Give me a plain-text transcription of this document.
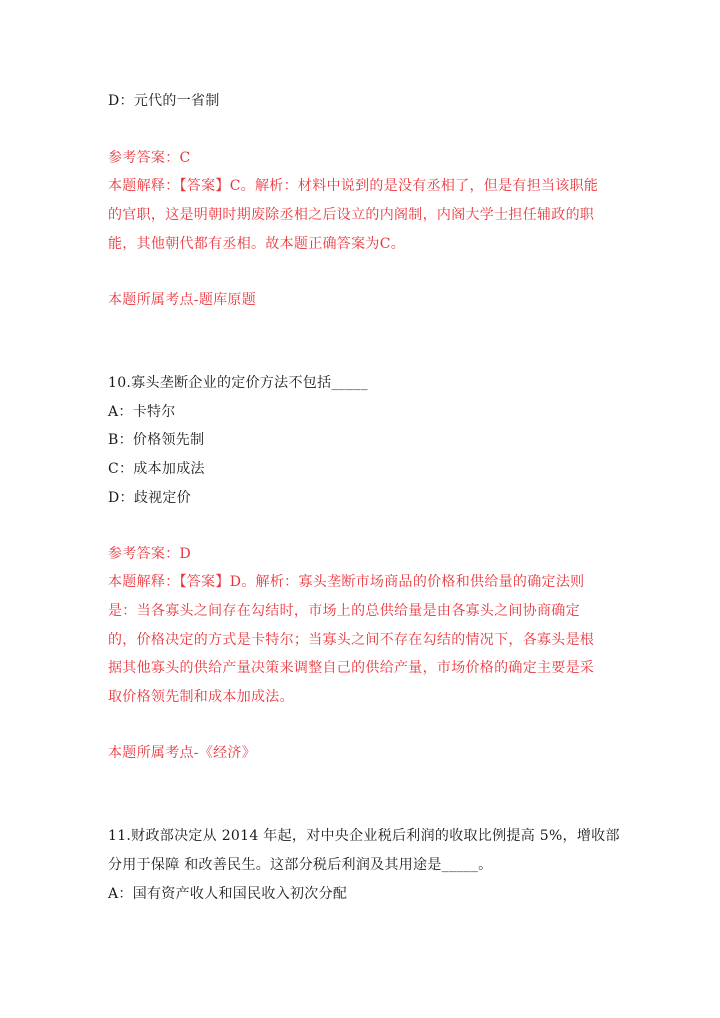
D：元代的一省制
参考答案：C
本题解释：【答案】C。解析：材料中说到的是没有丞相了，但是有担当该职能
的官职，这是明朝时期废除丞相之后设立的内阁制，内阁大学士担任辅政的职
能，其他朝代都有丞相。故本题正确答案为C。
本题所属考点-题库原题
10.寡头垄断企业的定价方法不包括_____
A：卡特尔
B：价格领先制
C：成本加成法
D：歧视定价
参考答案：D
本题解释：【答案】D。解析：寡头垄断市场商品的价格和供给量的确定法则
是：当各寡头之间存在勾结时，市场上的总供给量是由各寡头之间协商确定
的，价格决定的方式是卡特尔；当寡头之间不存在勾结的情况下，各寡头是根
据其他寡头的供给产量决策来调整自己的供给产量，市场价格的确定主要是采
取价格领先制和成本加成法。
本题所属考点-《经济》
11.财政部决定从 2014 年起，对中央企业税后利润的收取比例提高 5%，增收部
分用于保障 和改善民生。这部分税后利润及其用途是_____。
A：国有资产收人和国民收入初次分配
